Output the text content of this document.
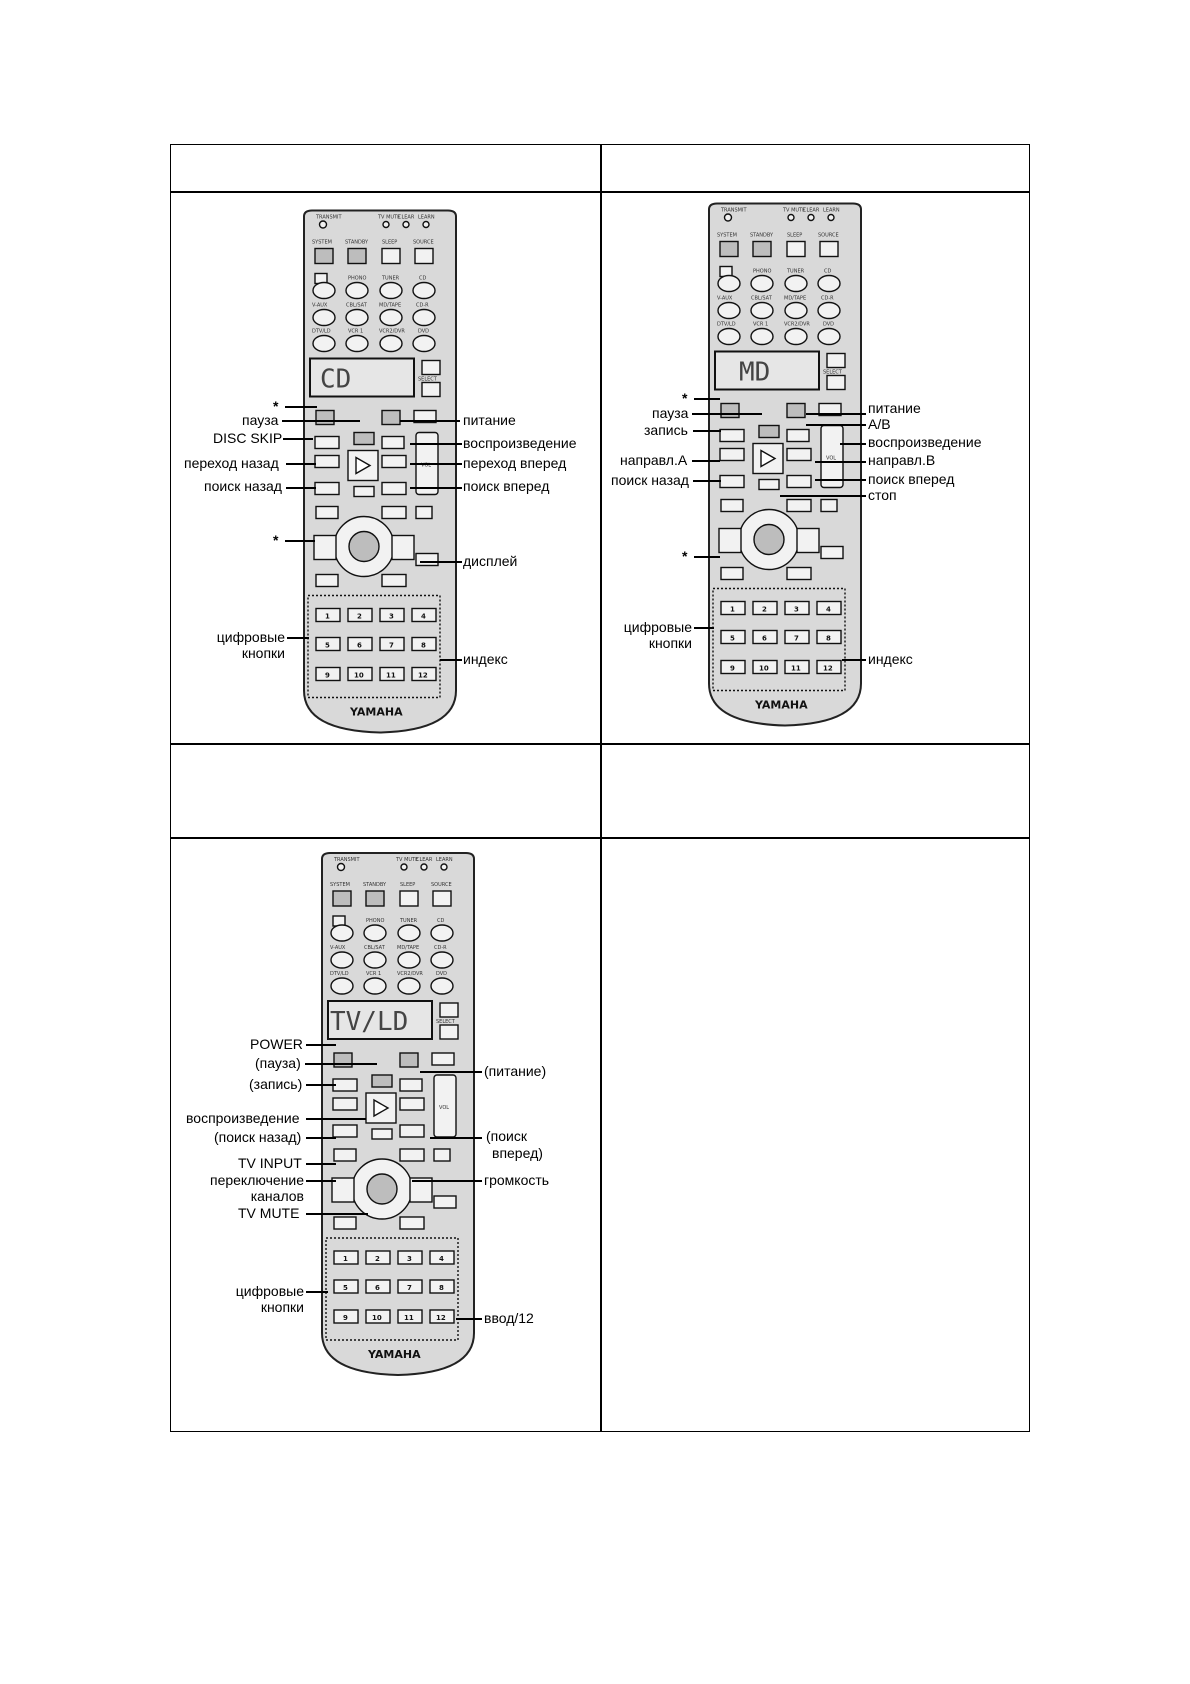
CD
YAMAHA
*
пауза
DISC SKIP
переход назад
поиск назад
*
цифровые
кнопки
питание
воспроизведение
переход вперед
поиск вперед
дисплей
индекс
MD
YAMAHA
*
пауза
запись
направл.А
поиск назад
*
цифровые
кнопки
питание
A/B
воспроизведение
направл.В
поиск вперед
стоп
индекс
TV/LD
YAMAHA
POWER
(пауза)
(запись)
воспроизведение
(поиск назад)
TV INPUT
переключение
каналов
TV MUTE
цифровые
кнопки
(питание)
(поиск
вперед)
громкость
ввод/12
